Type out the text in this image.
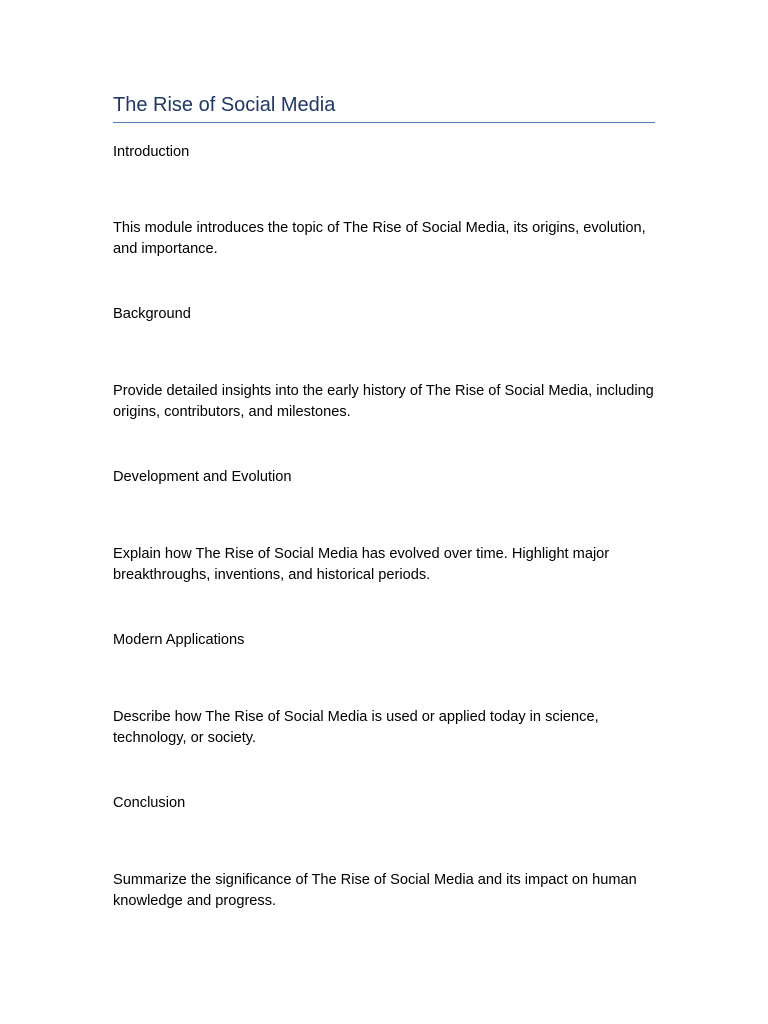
The Rise of Social Media

Introduction

This module introduces the topic of The Rise of Social Media, its origins, evolution, and importance.

Background

Provide detailed insights into the early history of The Rise of Social Media, including origins, contributors, and milestones.

Development and Evolution

Explain how The Rise of Social Media has evolved over time. Highlight major breakthroughs, inventions, and historical periods.

Modern Applications

Describe how The Rise of Social Media is used or applied today in science, technology, or society.

Conclusion

Summarize the significance of The Rise of Social Media and its impact on human knowledge and progress.
